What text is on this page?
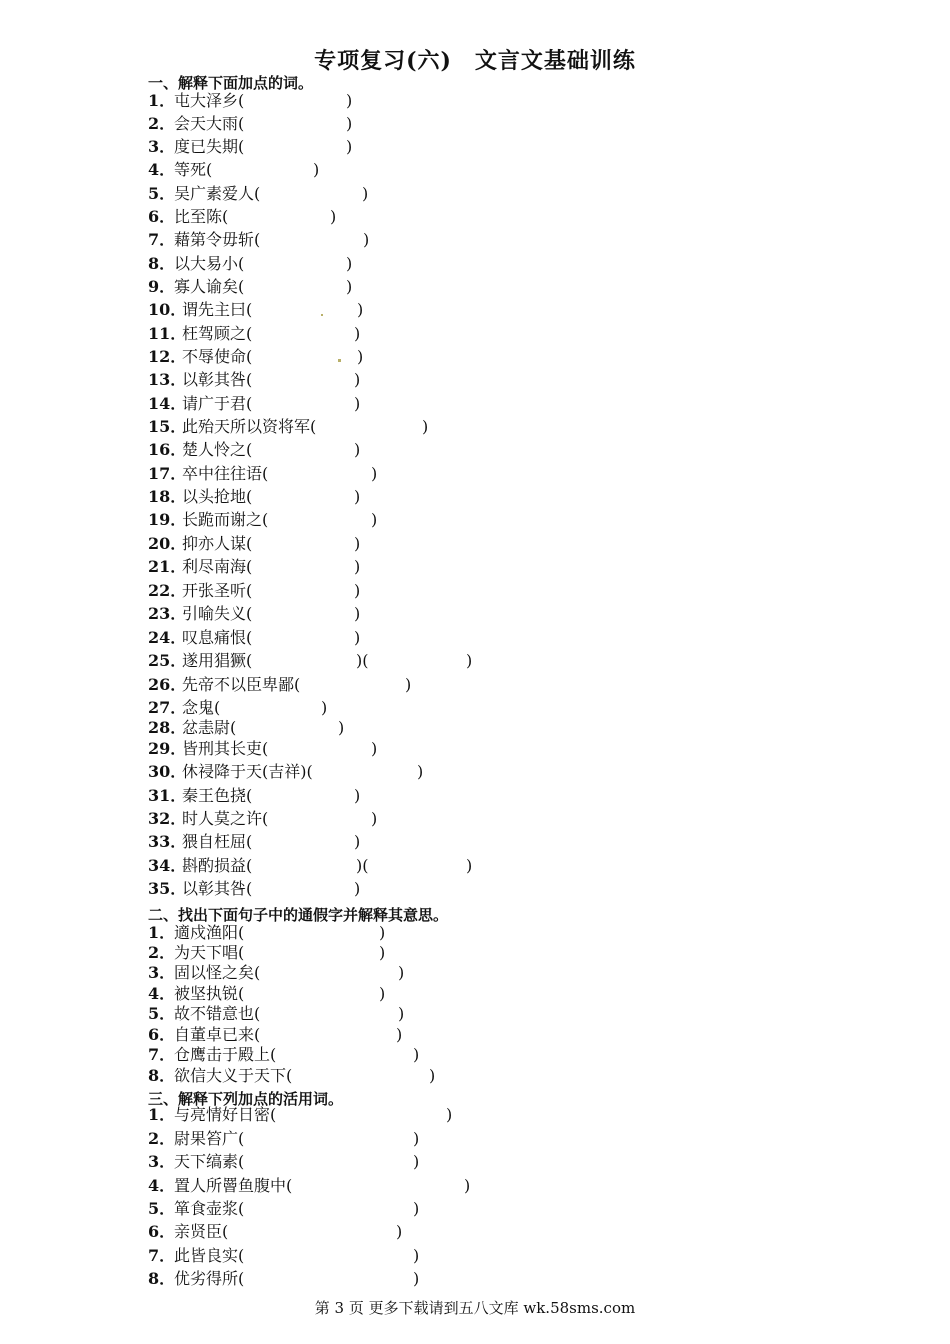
专项复习(六)　文言文基础训练
一、解释下面加点的词。
1．屯大泽乡(	)
2．会天大雨(	)
3．度已失期(	)
4．等死(	)
5．吴广素爱人(	)
6．比至陈(	)
7．藉第令毋斩(	)
8．以大易小(	)
9．寡人谕矣(	)
10．谓先主曰(	)
11．枉驾顾之(	)
12．不辱使命(	)
13．以彰其咎(	)
14．请广于君(	)
15．此殆天所以资将军(	)
16．楚人怜之(	)
17．卒中往往语(	)
18．以头抢地(	)
19．长跪而谢之(	)
20．抑亦人谋(	)
21．利尽南海(	)
22．开张圣听(	)
23．引喻失义(	)
24．叹息痛恨(	)
25．遂用猖獗(	)(	)
26．先帝不以臣卑鄙(	)
27．念鬼(	)
28．忿恚尉(	)
29．皆刑其长吏(	)
30．休祲降于天(吉祥)(	)
31．秦王色挠(	)
32．时人莫之许(	)
33．猥自枉屈(	)
34．斟酌损益(	)(	)
35．以彰其咎(	)
二、找出下面句子中的通假字并解释其意思。
1．適戍渔阳(	)
2．为天下唱(	)
3．固以怪之矣(	)
4．被坚执锐(	)
5．故不错意也(	)
6．自董卓已来(	)
7．仓鹰击于殿上(	)
8．欲信大义于天下(	)
三、解释下列加点的活用词。
1．与亮情好日密(	)
2．尉果笞广(	)
3．天下缟素(	)
4．置人所罾鱼腹中(	)
5．箪食壶浆(	)
6．亲贤臣(	)
7．此皆良实(	)
8．优劣得所(	)
第 3 页 更多下载请到五八文库 wk.58sms.com
